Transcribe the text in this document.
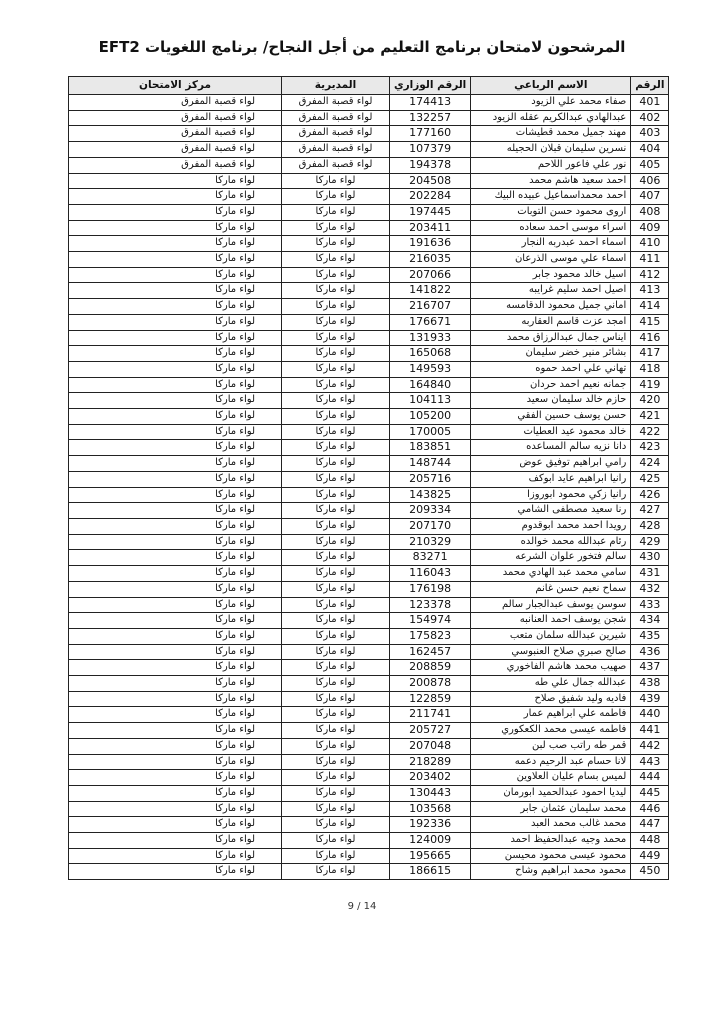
المرشحون لامتحان برنامج التعليم من أجل النجاح/ برنامج اللغويات EFT2
الرقم	الاسم الرباعي	الرقم الوزاري	المديرية	مركز الامتحان
401	صفاء محمد علي الزيود	174413	لواء قصبة المفرق	لواء قصبة المفرق
402	عبدالهادي عبدالكريم عقله الزيود	132257	لواء قصبة المفرق	لواء قصبة المفرق
403	مهند جميل محمد قطيشات	177160	لواء قصبة المفرق	لواء قصبة المفرق
404	نسرين سليمان قبلان الحجيله	107379	لواء قصبة المفرق	لواء قصبة المفرق
405	نور علي فاعور اللاحم	194378	لواء قصبة المفرق	لواء قصبة المفرق
406	احمد سعيد هاشم محمد	204508	لواء ماركا	لواء ماركا
407	احمد محمداسماعيل عبيده البيك	202284	لواء ماركا	لواء ماركا
408	اروى محمود حسن التوبات	197445	لواء ماركا	لواء ماركا
409	اسراء موسى احمد سعاده	203411	لواء ماركا	لواء ماركا
410	اسماء احمد عبدربه النجار	191636	لواء ماركا	لواء ماركا
411	اسماء علي موسى الذرعان	216035	لواء ماركا	لواء ماركا
412	اسيل خالد محمود جابر	207066	لواء ماركا	لواء ماركا
413	اصيل احمد سليم غرايبه	141822	لواء ماركا	لواء ماركا
414	اماني جميل محمود الدقامسه	216707	لواء ماركا	لواء ماركا
415	امجد عزت قاسم العقاربه	176671	لواء ماركا	لواء ماركا
416	ايناس جمال عبدالرزاق محمد	131933	لواء ماركا	لواء ماركا
417	بشائر منير خضر سليمان	165068	لواء ماركا	لواء ماركا
418	تهاني علي احمد حموه	149593	لواء ماركا	لواء ماركا
419	جمانه نعيم احمد حردان	164840	لواء ماركا	لواء ماركا
420	حازم خالد سليمان سعيد	104113	لواء ماركا	لواء ماركا
421	حسن يوسف حسين الفقي	105200	لواء ماركا	لواء ماركا
422	خالد محمود عيد العطيات	170005	لواء ماركا	لواء ماركا
423	دانا نزيه سالم المساعده	183851	لواء ماركا	لواء ماركا
424	رامي ابراهيم توفيق عوض	148744	لواء ماركا	لواء ماركا
425	رانيا ابراهيم عايد ابوكف	205716	لواء ماركا	لواء ماركا
426	رانيا زكي محمود ابوروزا	143825	لواء ماركا	لواء ماركا
427	رنا سعيد مصطفى الشامي	209334	لواء ماركا	لواء ماركا
428	رويدا احمد محمد ابوقدوم	207170	لواء ماركا	لواء ماركا
429	رئام عبدالله محمد خوالده	210329	لواء ماركا	لواء ماركا
430	سالم فتخور علوان الشرعه	83271	لواء ماركا	لواء ماركا
431	سامي محمد عبد الهادي محمد	116043	لواء ماركا	لواء ماركا
432	سماح نعيم حسن غانم	176198	لواء ماركا	لواء ماركا
433	سوسن يوسف عبدالجبار سالم	123378	لواء ماركا	لواء ماركا
434	شجن يوسف احمد العنانبه	154974	لواء ماركا	لواء ماركا
435	شيرين عبدالله سلمان متعب	175823	لواء ماركا	لواء ماركا
436	صالح صبري صلاح العنبوسي	162457	لواء ماركا	لواء ماركا
437	صهيب محمد هاشم الفاخوري	208859	لواء ماركا	لواء ماركا
438	عبدالله جمال علي طه	200878	لواء ماركا	لواء ماركا
439	فاديه وليد شفيق صلاح	122859	لواء ماركا	لواء ماركا
440	فاطمه علي ابراهيم عمار	211741	لواء ماركا	لواء ماركا
441	فاطمه عيسى محمد الكعكوري	205727	لواء ماركا	لواء ماركا
442	قمر طه راتب صب لبن	207048	لواء ماركا	لواء ماركا
443	لانا حسام عبد الرحيم دعمه	218289	لواء ماركا	لواء ماركا
444	لميس بسام عليان العلاوين	203402	لواء ماركا	لواء ماركا
445	ليديا احمود عبدالحميد ابورمان	130443	لواء ماركا	لواء ماركا
446	محمد سليمان عثمان جابر	103568	لواء ماركا	لواء ماركا
447	محمد غالب محمد العبد	192336	لواء ماركا	لواء ماركا
448	محمد وجيه عبدالحفيظ احمد	124009	لواء ماركا	لواء ماركا
449	محمود عيسى محمود محيسن	195665	لواء ماركا	لواء ماركا
450	محمود محمد ابراهيم وشاح	186615	لواء ماركا	لواء ماركا
9 / 14
